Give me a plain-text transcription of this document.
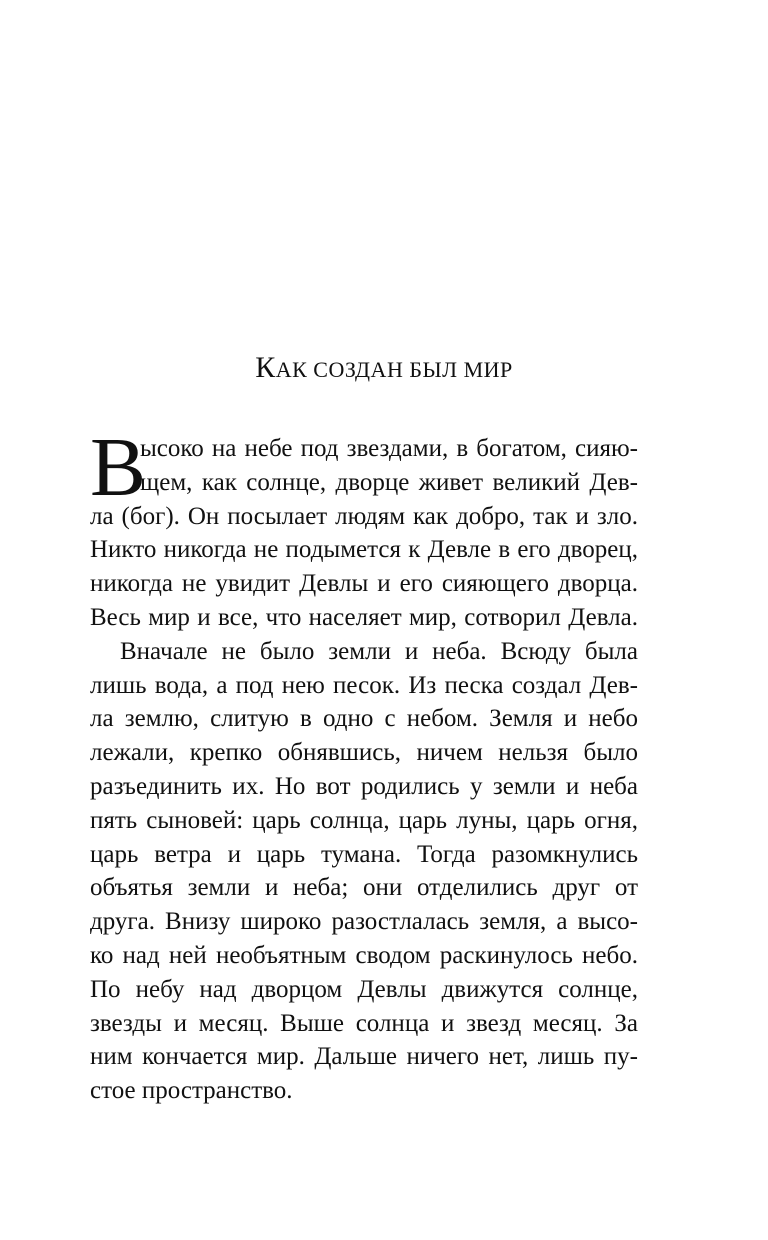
КАК СОЗДАН БЫЛ МИР
В
ысоко на небе под звездами, в богатом, сияю-
щем, как солнце, дворце живет великий Дев-
ла (бог). Он посылает людям как добро, так и зло.
Никто никогда не подымется к Девле в его дворец,
никогда не увидит Девлы и его сияющего дворца.
Весь мир и все, что населяет мир, сотворил Девла.
Вначале не было земли и неба. Всюду была
лишь вода, а под нею песок. Из песка создал Дев-
ла землю, слитую в одно с небом. Земля и небо
лежали, крепко обнявшись, ничем нельзя было
разъединить их. Но вот родились у земли и неба
пять сыновей: царь солнца, царь луны, царь огня,
царь ветра и царь тумана. Тогда разомкнулись
объятья земли и неба; они отделились друг от
друга. Внизу широко разостлалась земля, а высо-
ко над ней необъятным сводом раскинулось небо.
По небу над дворцом Девлы движутся солнце,
звезды и месяц. Выше солнца и звезд месяц. За
ним кончается мир. Дальше ничего нет, лишь пу-
стое пространство.
